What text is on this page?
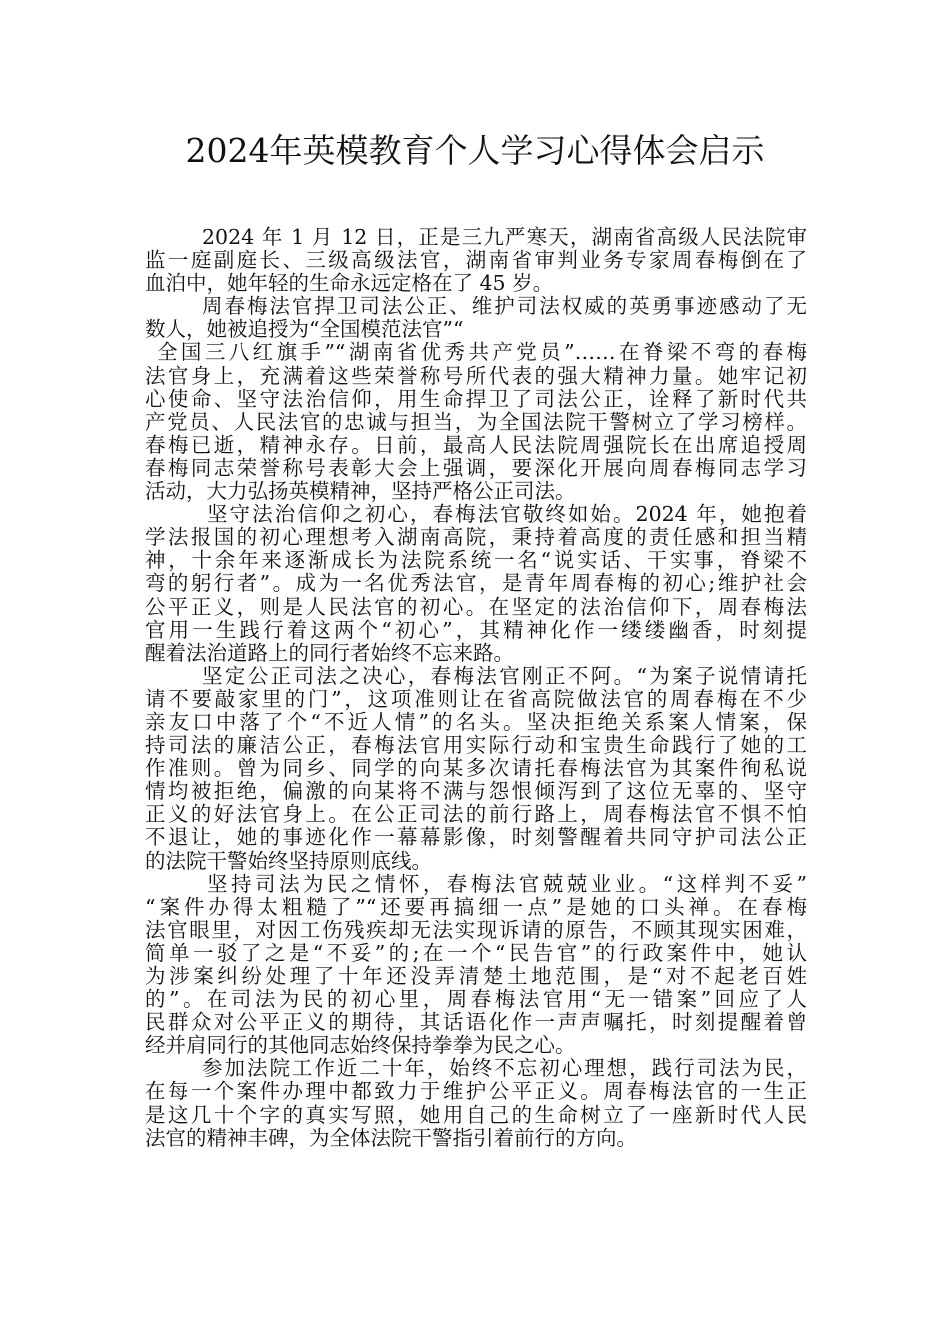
2024年英模教育个人学习心得体会启示

2024 年 1 月 12 日，正是三九严寒天，湖南省高级人民法院审
监一庭副庭长、三级高级法官，湖南省审判业务专家周春梅倒在了
血泊中，她年轻的生命永远定格在了 45 岁。

周春梅法官捍卫司法公正、维护司法权威的英勇事迹感动了无
数人，她被追授为“全国模范法官”“
全国三八红旗手”“湖南省优秀共产党员”……在脊梁不弯的春梅
法官身上，充满着这些荣誉称号所代表的强大精神力量。她牢记初
心使命、坚守法治信仰，用生命捍卫了司法公正，诠释了新时代共
产党员、人民法官的忠诚与担当，为全国法院干警树立了学习榜样。
春梅已逝，精神永存。日前，最高人民法院周强院长在出席追授周
春梅同志荣誉称号表彰大会上强调，要深化开展向周春梅同志学习
活动，大力弘扬英模精神，坚持严格公正司法。

坚守法治信仰之初心，春梅法官敬终如始。2024 年，她抱着
学法报国的初心理想考入湖南高院，秉持着高度的责任感和担当精
神，十余年来逐渐成长为法院系统一名“说实话、干实事，脊梁不
弯的躬行者”。成为一名优秀法官，是青年周春梅的初心;维护社会
公平正义，则是人民法官的初心。在坚定的法治信仰下，周春梅法
官用一生践行着这两个“初心”，其精神化作一缕缕幽香，时刻提
醒着法治道路上的同行者始终不忘来路。

坚定公正司法之决心，春梅法官刚正不阿。“为案子说情请托
请不要敲家里的门”，这项准则让在省高院做法官的周春梅在不少
亲友口中落了个“不近人情”的名头。坚决拒绝关系案人情案，保
持司法的廉洁公正，春梅法官用实际行动和宝贵生命践行了她的工
作准则。曾为同乡、同学的向某多次请托春梅法官为其案件徇私说
情均被拒绝，偏激的向某将不满与怨恨倾泻到了这位无辜的、坚守
正义的好法官身上。在公正司法的前行路上，周春梅法官不惧不怕
不退让，她的事迹化作一幕幕影像，时刻警醒着共同守护司法公正
的法院干警始终坚持原则底线。

坚持司法为民之情怀，春梅法官兢兢业业。“这样判不妥”
“案件办得太粗糙了”“还要再搞细一点”是她的口头禅。在春梅
法官眼里，对因工伤残疾却无法实现诉请的原告，不顾其现实困难，
简单一驳了之是“不妥”的;在一个“民告官”的行政案件中，她认
为涉案纠纷处理了十年还没弄清楚土地范围，是“对不起老百姓
的”。在司法为民的初心里，周春梅法官用“无一错案”回应了人
民群众对公平正义的期待，其话语化作一声声嘱托，时刻提醒着曾
经并肩同行的其他同志始终保持拳拳为民之心。

参加法院工作近二十年，始终不忘初心理想，践行司法为民，
在每一个案件办理中都致力于维护公平正义。周春梅法官的一生正
是这几十个字的真实写照，她用自己的生命树立了一座新时代人民
法官的精神丰碑，为全体法院干警指引着前行的方向。
